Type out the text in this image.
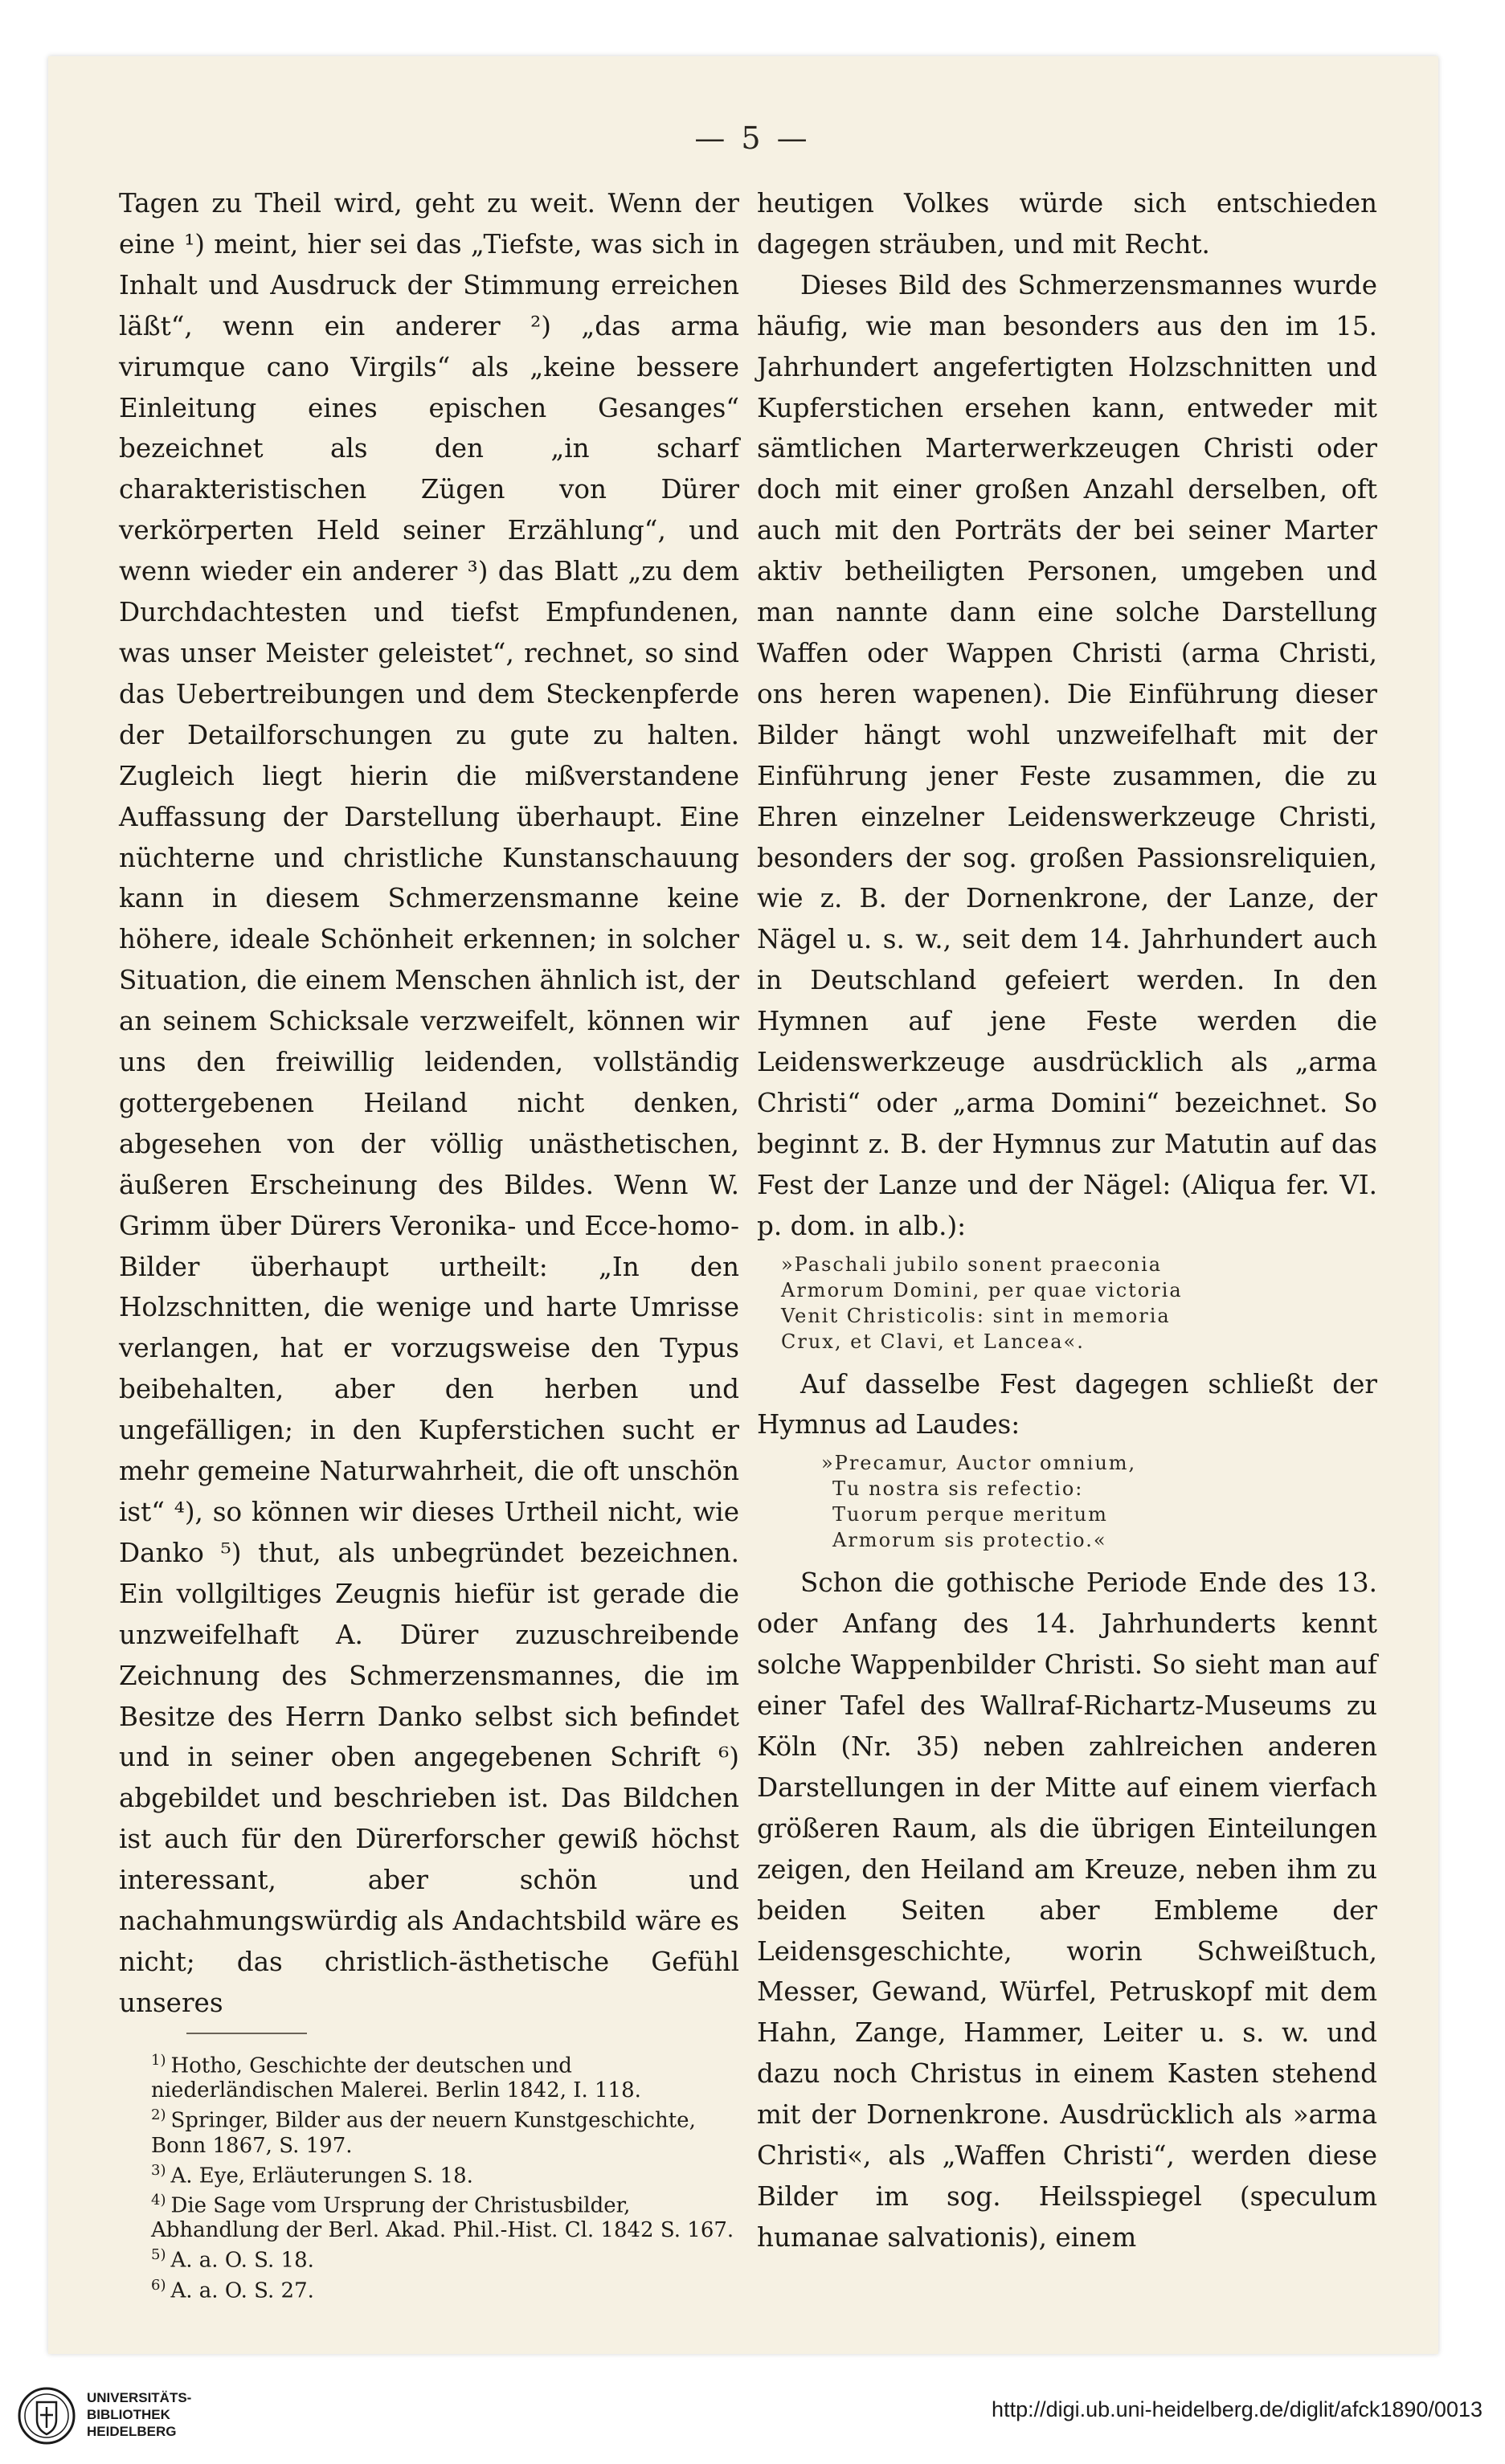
— 5 —

Tagen zu Theil wird, geht zu weit. Wenn der eine ¹) meint, hier sei das „Tiefste, was sich in Inhalt und Ausdruck der Stimmung erreichen läßt“, wenn ein anderer ²) „das arma virumque cano Virgils“ als „keine bessere Einleitung eines epischen Gesanges“ bezeichnet als den „in scharf charakteristischen Zügen von Dürer verkörperten Held seiner Erzählung“, und wenn wieder ein anderer ³) das Blatt „zu dem Durchdachtesten und tiefst Empfundenen, was unser Meister geleistet“, rechnet, so sind das Uebertreibungen und dem Steckenpferde der Detailforschungen zu gute zu halten. Zugleich liegt hierin die mißverstandene Auffassung der Darstellung überhaupt. Eine nüchterne und christliche Kunstanschauung kann in diesem Schmerzensmanne keine höhere, ideale Schönheit erkennen; in solcher Situation, die einem Menschen ähnlich ist, der an seinem Schicksale verzweifelt, können wir uns den freiwillig leidenden, vollständig gottergebenen Heiland nicht denken, abgesehen von der völlig unästhetischen, äußeren Erscheinung des Bildes. Wenn W. Grimm über Dürers Veronika- und Ecce-homo-Bilder überhaupt urtheilt: „In den Holzschnitten, die wenige und harte Umrisse verlangen, hat er vorzugsweise den Typus beibehalten, aber den herben und ungefälligen; in den Kupferstichen sucht er mehr gemeine Naturwahrheit, die oft unschön ist“ ⁴), so können wir dieses Urtheil nicht, wie Danko ⁵) thut, als unbegründet bezeichnen. Ein vollgiltiges Zeugnis hiefür ist gerade die unzweifelhaft A. Dürer zuzuschreibende Zeichnung des Schmerzensmannes, die im Besitze des Herrn Danko selbst sich befindet und in seiner oben angegebenen Schrift ⁶) abgebildet und beschrieben ist. Das Bildchen ist auch für den Dürerforscher gewiß höchst interessant, aber schön und nachahmungswürdig als Andachtsbild wäre es nicht; das christlich-ästhetische Gefühl unseres

heutigen Volkes würde sich entschieden dagegen sträuben, und mit Recht.

Dieses Bild des Schmerzensmannes wurde häufig, wie man besonders aus den im 15. Jahrhundert angefertigten Holzschnitten und Kupferstichen ersehen kann, entweder mit sämtlichen Marterwerkzeugen Christi oder doch mit einer großen Anzahl derselben, oft auch mit den Porträts der bei seiner Marter aktiv betheiligten Personen, umgeben und man nannte dann eine solche Darstellung Waffen oder Wappen Christi (arma Christi, ons heren wapenen). Die Einführung dieser Bilder hängt wohl unzweifelhaft mit der Einführung jener Feste zusammen, die zu Ehren einzelner Leidenswerkzeuge Christi, besonders der sog. großen Passionsreliquien, wie z. B. der Dornenkrone, der Lanze, der Nägel u. s. w., seit dem 14. Jahrhundert auch in Deutschland gefeiert werden. In den Hymnen auf jene Feste werden die Leidenswerkzeuge ausdrücklich als „arma Christi“ oder „arma Domini“ bezeichnet. So beginnt z. B. der Hymnus zur Matutin auf das Fest der Lanze und der Nägel: (Aliqua fer. VI. p. dom. in alb.):

»Paschali jubilo sonent praeconia
Armorum Domini, per quae victoria
Venit Christicolis: sint in memoria
Crux, et Clavi, et Lancea«.

Auf dasselbe Fest dagegen schließt der Hymnus ad Laudes:

»Precamur, Auctor omnium,
Tu nostra sis refectio:
Tuorum perque meritum
Armorum sis protectio.«

Schon die gothische Periode Ende des 13. oder Anfang des 14. Jahrhunderts kennt solche Wappenbilder Christi. So sieht man auf einer Tafel des Wallraf-Richartz-Museums zu Köln (Nr. 35) neben zahlreichen anderen Darstellungen in der Mitte auf einem vierfach größeren Raum, als die übrigen Einteilungen zeigen, den Heiland am Kreuze, neben ihm zu beiden Seiten aber Embleme der Leidensgeschichte, worin Schweißtuch, Messer, Gewand, Würfel, Petruskopf mit dem Hahn, Zange, Hammer, Leiter u. s. w. und dazu noch Christus in einem Kasten stehend mit der Dornenkrone. Ausdrücklich als »arma Christi«, als „Waffen Christi“, werden diese Bilder im sog. Heilsspiegel (speculum humanae salvationis), einem

$^{1)}$ Hotho, Geschichte der deutschen und niederländischen Malerei. Berlin 1842, I. 118.

$^{2)}$ Springer, Bilder aus der neuern Kunstgeschichte, Bonn 1867, S. 197.

$^{3)}$ A. Eye, Erläuterungen S. 18.

$^{4)}$ Die Sage vom Ursprung der Christusbilder, Abhandlung der Berl. Akad. Phil.-Hist. Cl. 1842 S. 167.

$^{5)}$ A. a. O. S. 18.

$^{6)}$ A. a. O. S. 27.

UNIVERSITÄTS-
BIBLIOTHEK
HEIDELBERG
http://digi.ub.uni-heidelberg.de/diglit/afck1890/0013
